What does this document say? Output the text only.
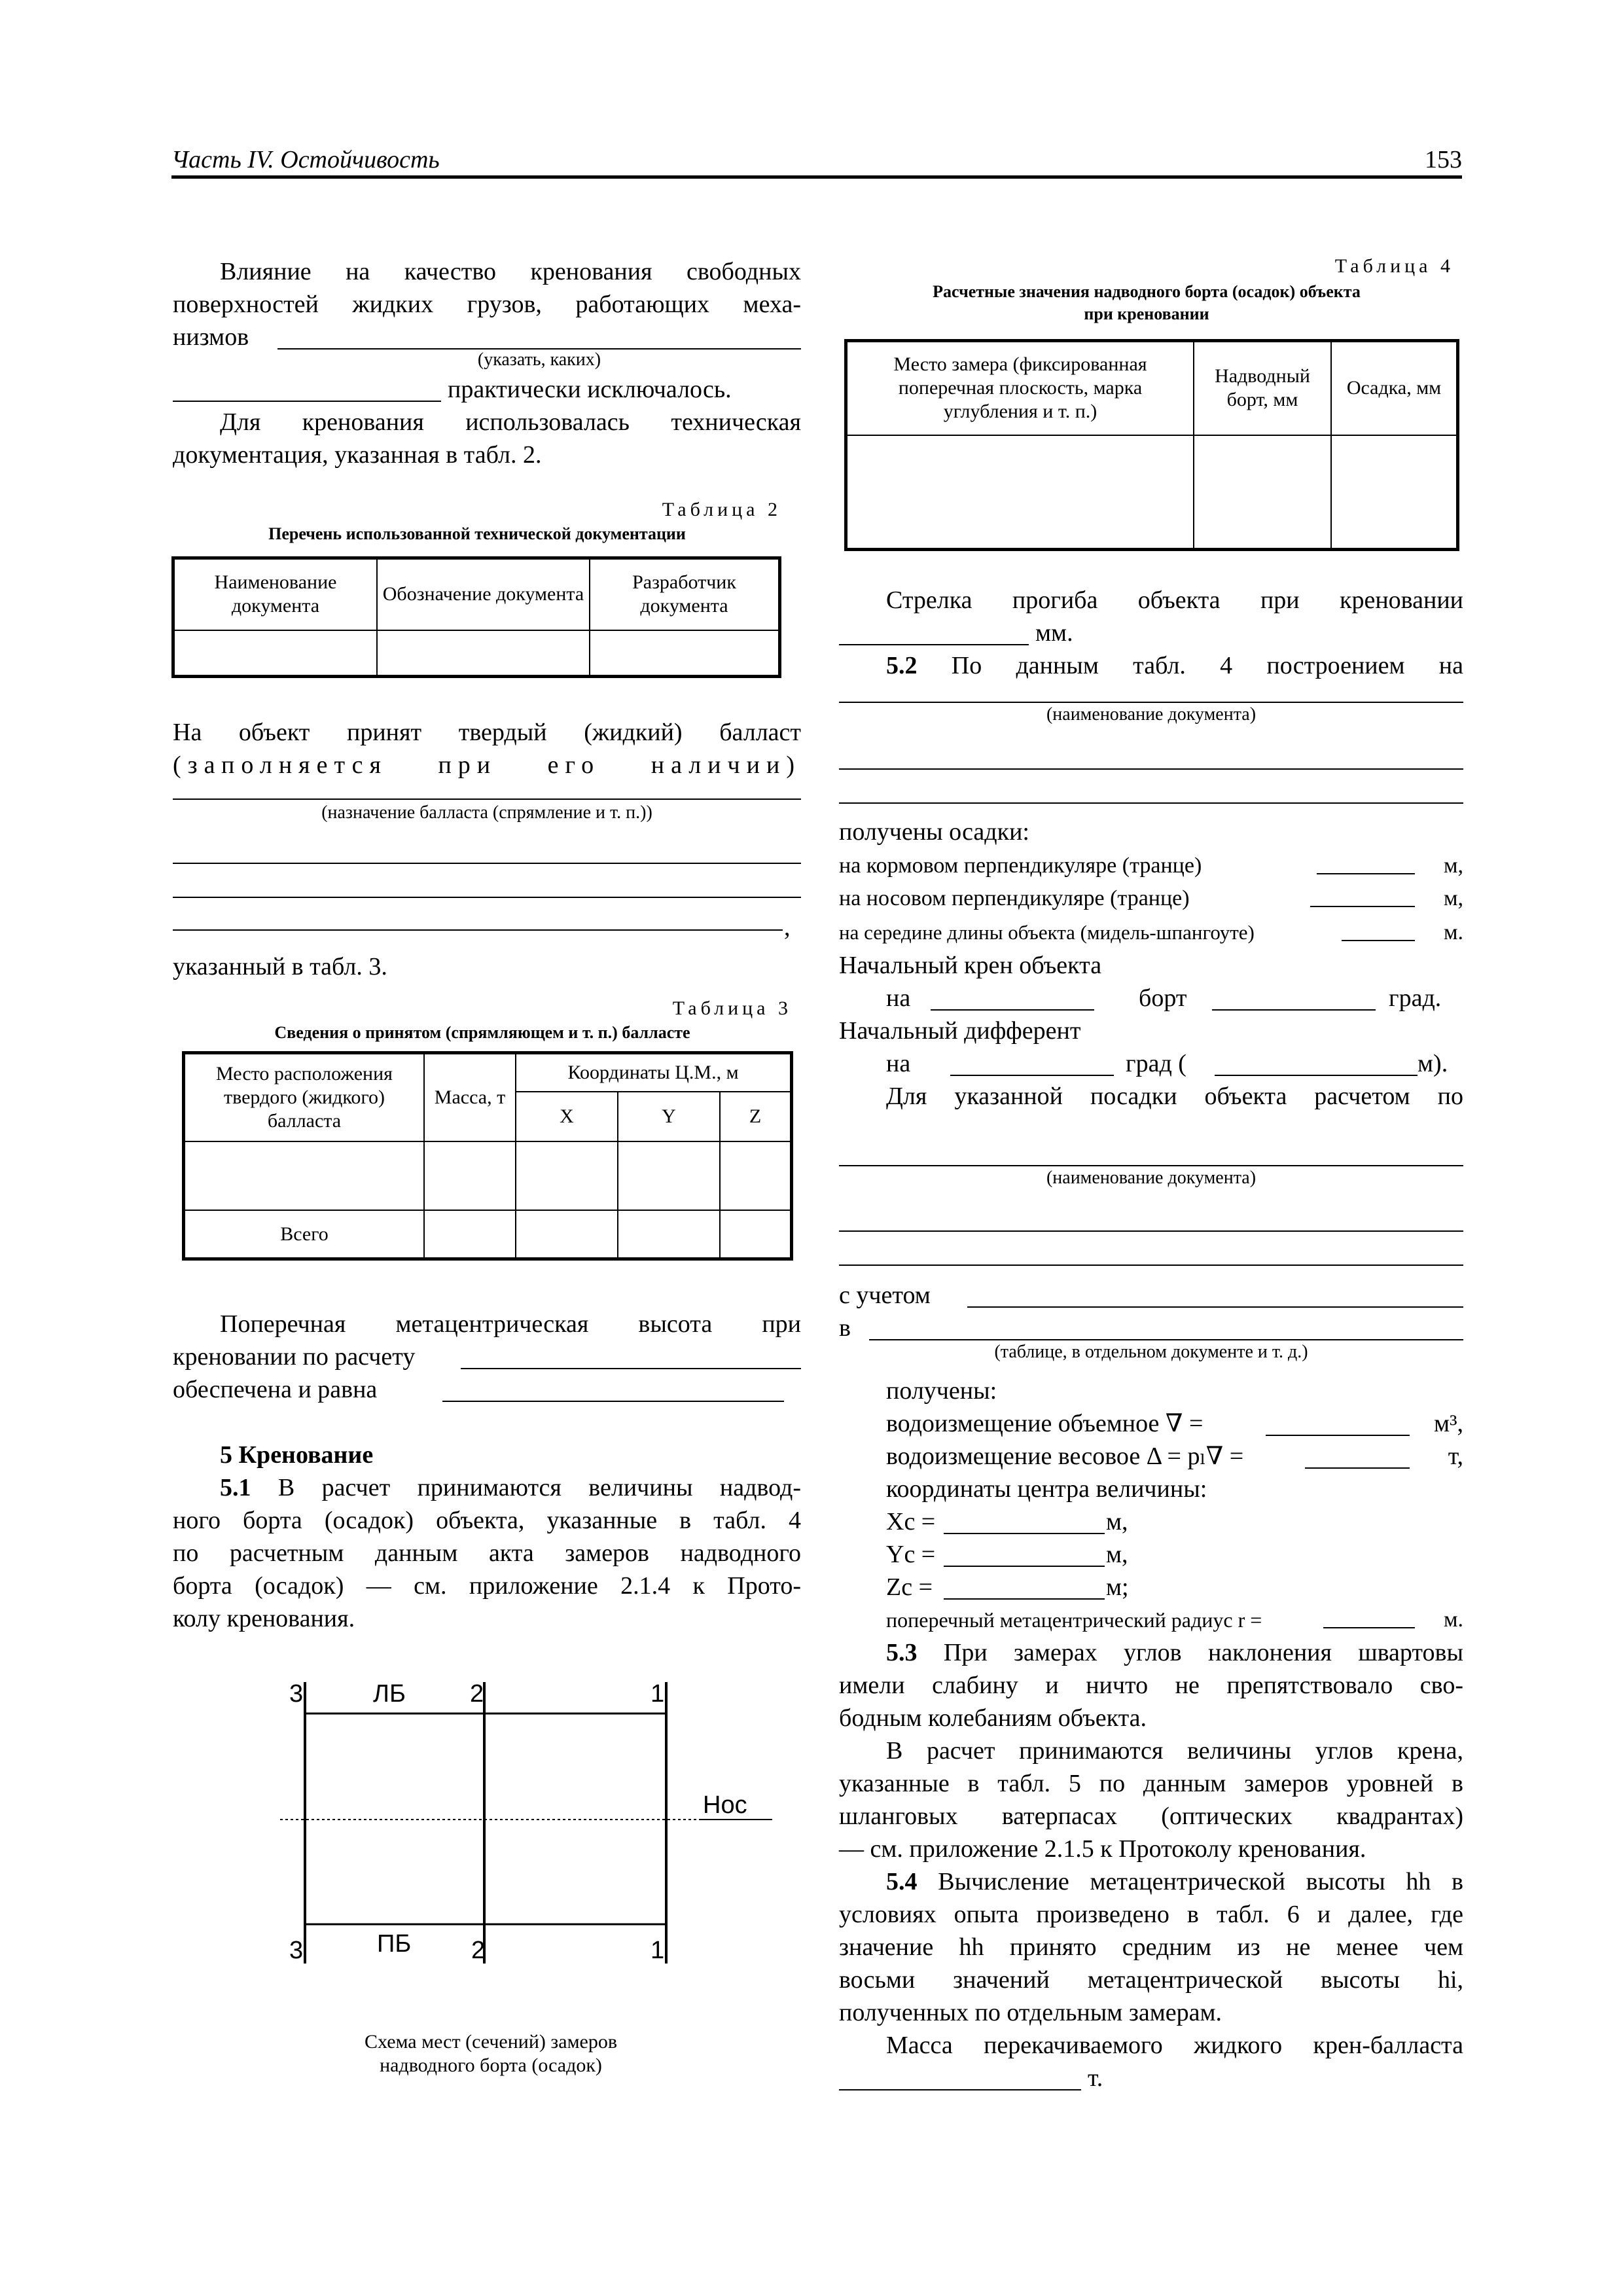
Часть IV. Остойчивость	153
Влияние на качество кренования свободных
поверхностей жидких грузов, работающих меха-
низмов
(указать, каких)
практически исключалось.
Для кренования использовалась техническая
документация, указанная в табл. 2.
Таблица 2
Перечень использованной технической документации
Наименование документа	Обозначение документа	Разработчик документа

На объект принят твердый (жидкий) балласт
(заполняется при его наличии)
(назначение балласта (спрямление и т. п.))
,
указанный в табл. 3.
Таблица 3
Сведения о принятом (спрямляющем и т. п.) балласте
Место расположения твердого (жидкого) балласта	Масса, т	Координаты Ц.М., м		
		X	Y	Z

Всего				
Поперечная метацентрическая высота при
креновании по расчету
обеспечена и равна
5 Кренование
5.1 В расчет принимаются величины надвод-
ного борта (осадок) объекта, указанные в табл. 4
по расчетным данным акта замеров надводного
борта (осадок) — см. приложение 2.1.4 к Прото-
колу кренования.
3	ЛБ	2	1
Нос
3	ПБ 2	1
Схема мест (сечений) замеров
надводного борта (осадок)
Таблица 4
Расчетные значения надводного борта (осадок) объекта
при креновании
Место замера (фиксированная поперечная плоскость, марка углубления и т. п.)	Надводный борт, мм	Осадка, мм

Стрелка прогиба объекта при креновании
мм.
5.2 По данным табл. 4 построением на
(наименование документа)
получены осадки:
на кормовом перпендикуляре (транце)	м,
на носовом перпендикуляре (транце)	м,
на середине длины объекта (мидель-шпангоуте)	м.
Начальный крен объекта
на	борт	град.
Начальный дифферент
на	град (	м).
Для указанной посадки объекта расчетом по
(наименование документа)
с учетом
в
(таблице, в отдельном документе и т. д.)
получены:
водоизмещение объемное ∇ =	м³,
водоизмещение весовое Δ = pₗ∇ =	т,
координаты центра величины:
Xc =	м,
Yc =	м,
Zc =	м;
поперечный метацентрический радиус r =	м.
5.3 При замерах углов наклонения швартовы
имели слабину и ничто не препятствовало сво-
бодным колебаниям объекта.
В расчет принимаются величины углов крена,
указанные в табл. 5 по данным замеров уровней в
шланговых ватерпасах (оптических квадрантах)
— см. приложение 2.1.5 к Протоколу кренования.
5.4 Вычисление метацентрической высоты hh в
условиях опыта произведено в табл. 6 и далее, где
значение hh принято средним из не менее чем
восьми значений метацентрической высоты hi,
полученных по отдельным замерам.
Масса перекачиваемого жидкого крен-балласта
т.
